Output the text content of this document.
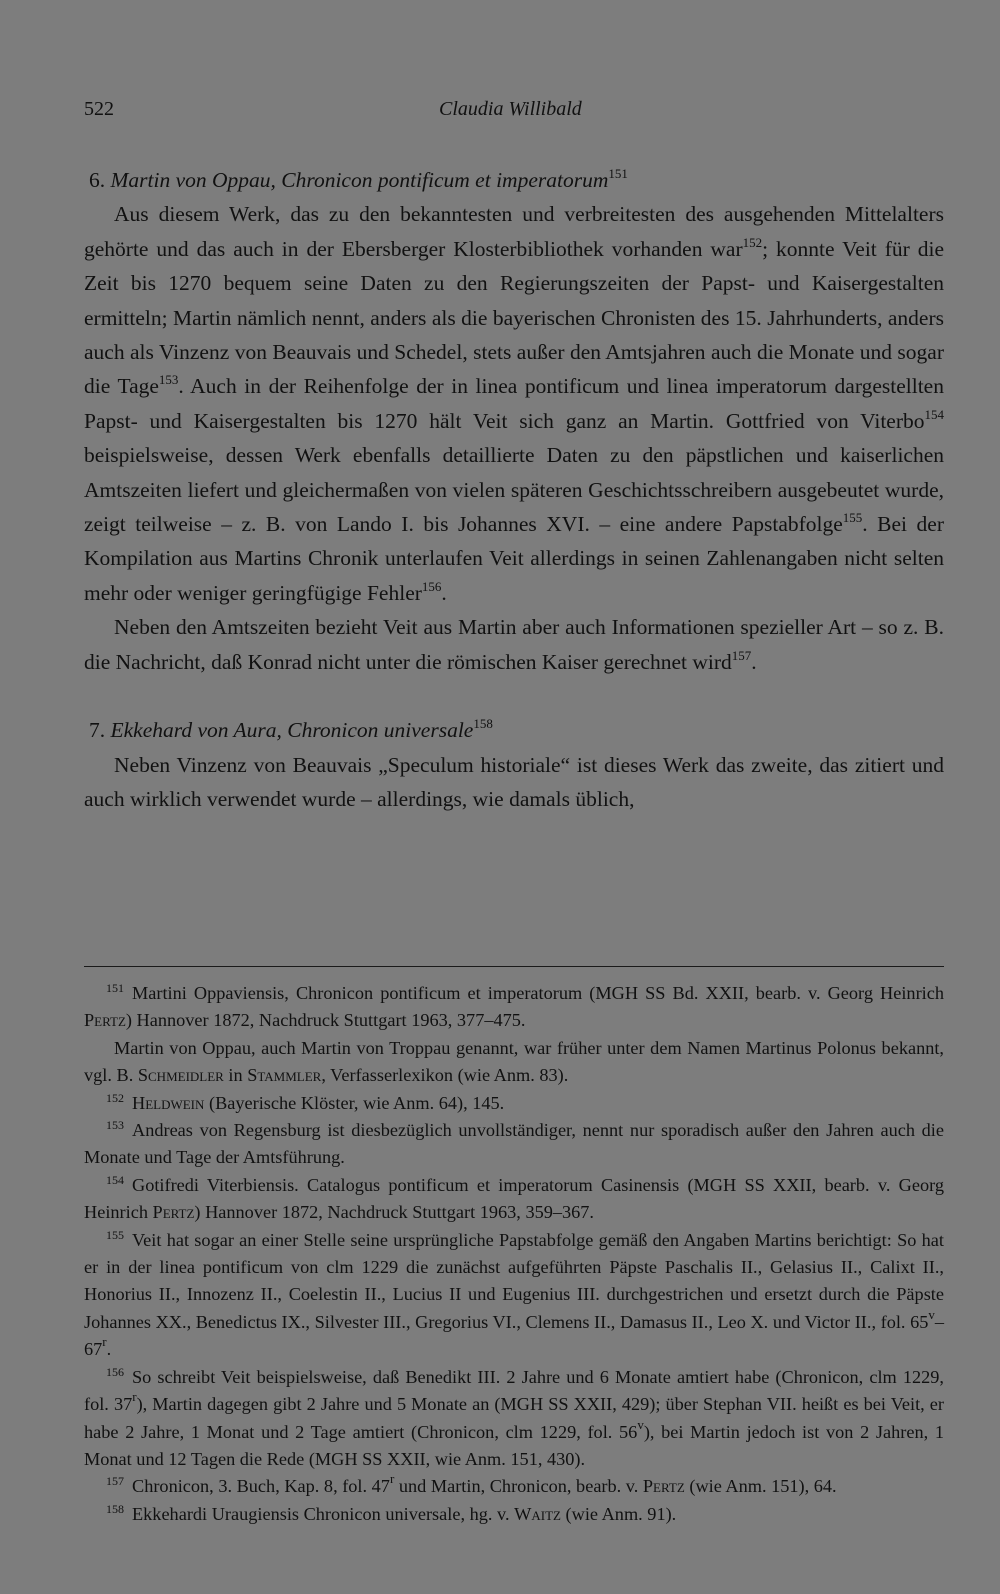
522	Claudia Willibald

6. Martin von Oppau, Chronicon pontificum et imperatorum$^{151}$

Aus diesem Werk, das zu den bekanntesten und verbreitesten des ausgehenden Mittelalters gehörte und das auch in der Ebersberger Klosterbibliothek vorhanden war$^{152}$; konnte Veit für die Zeit bis 1270 bequem seine Daten zu den Regierungszeiten der Papst- und Kaisergestalten ermitteln; Martin nämlich nennt, anders als die bayerischen Chronisten des 15. Jahrhunderts, anders auch als Vinzenz von Beauvais und Schedel, stets außer den Amtsjahren auch die Monate und sogar die Tage$^{153}$. Auch in der Reihenfolge der in linea pontificum und linea imperatorum dargestellten Papst- und Kaisergestalten bis 1270 hält Veit sich ganz an Martin. Gottfried von Viterbo$^{154}$ beispielsweise, dessen Werk ebenfalls detaillierte Daten zu den päpstlichen und kaiserlichen Amtszeiten liefert und gleichermaßen von vielen späteren Geschichtsschreibern ausgebeutet wurde, zeigt teilweise – z. B. von Lando I. bis Johannes XVI. – eine andere Papstabfolge$^{155}$. Bei der Kompilation aus Martins Chronik unterlaufen Veit allerdings in seinen Zahlenangaben nicht selten mehr oder weniger geringfügige Fehler$^{156}$.

Neben den Amtszeiten bezieht Veit aus Martin aber auch Informationen spezieller Art – so z. B. die Nachricht, daß Konrad nicht unter die römischen Kaiser gerechnet wird$^{157}$.

7. Ekkehard von Aura, Chronicon universale$^{158}$

Neben Vinzenz von Beauvais „Speculum historiale“ ist dieses Werk das zweite, das zitiert und auch wirklich verwendet wurde – allerdings, wie damals üblich,

151 Martini Oppaviensis, Chronicon pontificum et imperatorum (MGH SS Bd. XXII, bearb. v. Georg Heinrich Pertz) Hannover 1872, Nachdruck Stuttgart 1963, 377–475.

Martin von Oppau, auch Martin von Troppau genannt, war früher unter dem Namen Martinus Polonus bekannt, vgl. B. Schmeidler in Stammler, Verfasserlexikon (wie Anm. 83).

152 Heldwein (Bayerische Klöster, wie Anm. 64), 145.

153 Andreas von Regensburg ist diesbezüglich unvollständiger, nennt nur sporadisch außer den Jahren auch die Monate und Tage der Amtsführung.

154 Gotifredi Viterbiensis. Catalogus pontificum et imperatorum Casinensis (MGH SS XXII, bearb. v. Georg Heinrich Pertz) Hannover 1872, Nachdruck Stuttgart 1963, 359–367.

155 Veit hat sogar an einer Stelle seine ursprüngliche Papstabfolge gemäß den Angaben Martins berichtigt: So hat er in der linea pontificum von clm 1229 die zunächst aufgeführten Päpste Paschalis II., Gelasius II., Calixt II., Honorius II., Innozenz II., Coelestin II., Lucius II und Eugenius III. durchgestrichen und ersetzt durch die Päpste Johannes XX., Benedictus IX., Silvester III., Gregorius VI., Clemens II., Damasus II., Leo X. und Victor II., fol. 65$^v$–67$^r$.

156 So schreibt Veit beispielsweise, daß Benedikt III. 2 Jahre und 6 Monate amtiert habe (Chronicon, clm 1229, fol. 37$^r$), Martin dagegen gibt 2 Jahre und 5 Monate an (MGH SS XXII, 429); über Stephan VII. heißt es bei Veit, er habe 2 Jahre, 1 Monat und 2 Tage amtiert (Chronicon, clm 1229, fol. 56$^v$), bei Martin jedoch ist von 2 Jahren, 1 Monat und 12 Tagen die Rede (MGH SS XXII, wie Anm. 151, 430).

157 Chronicon, 3. Buch, Kap. 8, fol. 47$^r$ und Martin, Chronicon, bearb. v. Pertz (wie Anm. 151), 64.

158 Ekkehardi Uraugiensis Chronicon universale, hg. v. Waitz (wie Anm. 91).
